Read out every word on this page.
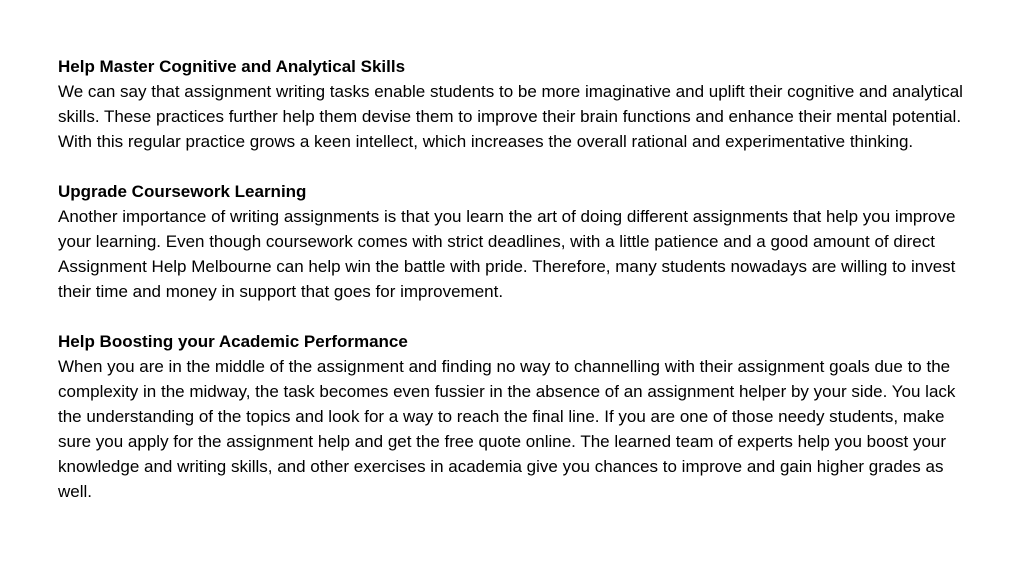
Help Master Cognitive and Analytical Skills

We can say that assignment writing tasks enable students to be more imaginative and uplift their cognitive and analytical skills. These practices further help them devise them to improve their brain functions and enhance their mental potential. With this regular practice grows a keen intellect, which increases the overall rational and experimentative thinking.

Upgrade Coursework Learning

Another importance of writing assignments is that you learn the art of doing different assignments that help you improve your learning. Even though coursework comes with strict deadlines, with a little patience and a good amount of direct Assignment Help Melbourne can help win the battle with pride. Therefore, many students nowadays are willing to invest their time and money in support that goes for improvement.

Help Boosting your Academic Performance

When you are in the middle of the assignment and finding no way to channelling with their assignment goals due to the complexity in the midway, the task becomes even fussier in the absence of an assignment helper by your side. You lack the understanding of the topics and look for a way to reach the final line. If you are one of those needy students, make sure you apply for the assignment help and get the free quote online. The learned team of experts help you boost your knowledge and writing skills, and other exercises in academia give you chances to improve and gain higher grades as well.
